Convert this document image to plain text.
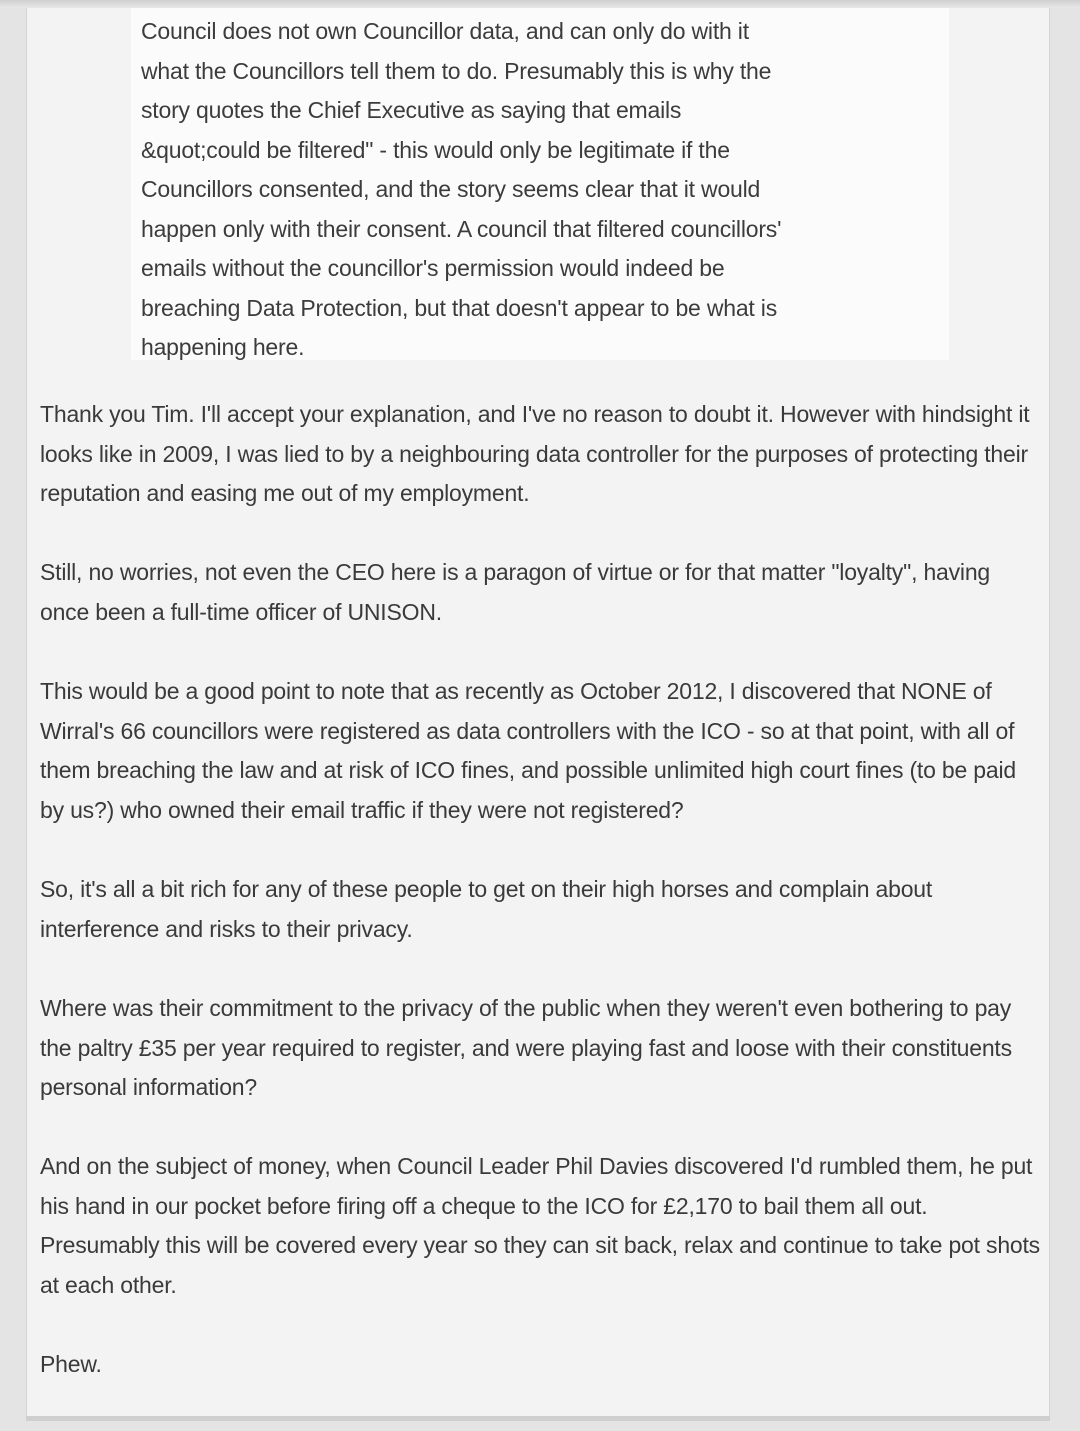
Council does not own Councillor data, and can only do with it

what the Councillors tell them to do. Presumably this is why the

story quotes the Chief Executive as saying that emails

&quot;could be filtered" - this would only be legitimate if the

Councillors consented, and the story seems clear that it would

happen only with their consent. A council that filtered councillors'

emails without the councillor's permission would indeed be

breaching Data Protection, but that doesn't appear to be what is

happening here.

Thank you Tim. I'll accept your explanation, and I've no reason to doubt it. However with hindsight it looks like in 2009, I was lied to by a neighbouring data controller for the purposes of protecting their reputation and easing me out of my employment.

Still, no worries, not even the CEO here is a paragon of virtue or for that matter "loyalty", having once been a full-time officer of UNISON.

This would be a good point to note that as recently as October 2012, I discovered that NONE of Wirral's 66 councillors were registered as data controllers with the ICO - so at that point, with all of them breaching the law and at risk of ICO fines, and possible unlimited high court fines (to be paid by us?) who owned their email traffic if they were not registered?

So, it's all a bit rich for any of these people to get on their high horses and complain about interference and risks to their privacy.

Where was their commitment to the privacy of the public when they weren't even bothering to pay the paltry £35 per year required to register, and were playing fast and loose with their constituents personal information?

And on the subject of money, when Council Leader Phil Davies discovered I'd rumbled them, he put his hand in our pocket before firing off a cheque to the ICO for £2,170 to bail them all out. Presumably this will be covered every year so they can sit back, relax and continue to take pot shots at each other.

Phew.
